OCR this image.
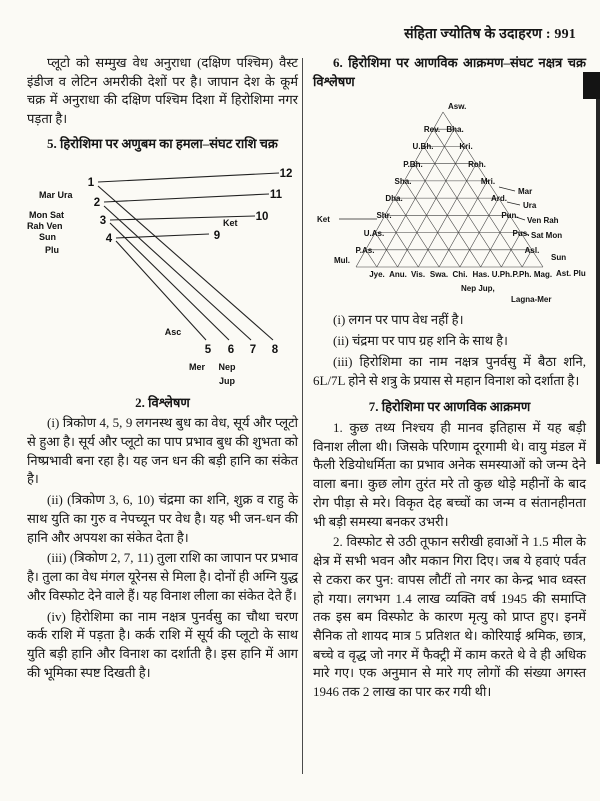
संहिता ज्योतिष के उदाहरण : 991

प्लूटो को सम्मुख वेध अनुराधा (दक्षिण पश्चिम) वैस्ट इंडीज व लेटिन अमरीकी देशों पर है। जापान देश के कूर्म चक्र में अनुराधा की दक्षिण पश्चिम दिशा में हिरोशिमा नगर पड़ता है।

5. हिरोशिमा पर अणुबम का हमला–संघट राशि चक्र

1
2
3
4
12
11
10
9
5 6 7 8
Mar Ura
Mon Sat
Rah Ven
Sun
Plu
Ket
Asc
Mer Nep
Jup

2. विश्लेषण

(i) त्रिकोण 4, 5, 9 लगनस्थ बुध का वेध, सूर्य और प्लूटो से हुआ है। सूर्य और प्लूटो का पाप प्रभाव बुध की शुभता को निष्प्रभावी बना रहा है। यह जन धन की बड़ी हानि का संकेत है।

(ii) (त्रिकोण 3, 6, 10) चंद्रमा का शनि, शुक्र व राहु के साथ युति का गुरु व नेपच्यून पर वेध है। यह भी जन-धन की हानि और अपयश का संकेत देता है।

(iii) (त्रिकोण 2, 7, 11) तुला राशि का जापान पर प्रभाव है। तुला का वेध मंगल यूरेनस से मिला है। दोनों ही अग्नि युद्ध और विस्फोट देने वाले हैं। यह विनाश लीला का संकेत देते हैं।

(iv) हिरोशिमा का नाम नक्षत्र पुनर्वसु का चौथा चरण कर्क राशि में पड़ता है। कर्क राशि में सूर्य की प्लूटो के साथ युति बड़ी हानि और विनाश का दर्शाती है। इस हानि में आग की भूमिका स्पष्ट दिखती है।

6. हिरोशिमा पर आणविक आक्रमण–संघट नक्षत्र चक्र विश्लेषण

Asw.
Rev.
U.Bh.
P.Bh.
Sha.
Dha.
Shr.
U.As.
P.As.
Bha.
Kri.
Roh.
Mri.
Ard.
Pun.
Pus.
Asl.
Mul.
Jye. Anu. Vis. Swa. Chi. Has. U.Ph. P.Ph. Mag.
Mar
Ura
Ven Rah
Sat Mon
Sun
Ast. Plu
Ket
Nep Jup,
Lagna-Mer

(i) लगन पर पाप वेध नहीं है।

(ii) चंद्रमा पर पाप ग्रह शनि के साथ है।

(iii) हिरोशिमा का नाम नक्षत्र पुनर्वसु में बैठा शनि, 6L/7L होने से शत्रु के प्रयास से महान विनाश को दर्शाता है।

7. हिरोशिमा पर आणविक आक्रमण

1. कुछ तथ्य निश्चय ही मानव इतिहास में यह बड़ी विनाश लीला थी। जिसके परिणाम दूरगामी थे। वायु मंडल में फैली रेडियोधर्मिता का प्रभाव अनेक समस्याओं को जन्म देने वाला बना। कुछ लोग तुरंत मरे तो कुछ थोड़े महीनों के बाद रोग पीड़ा से मरे। विकृत देह बच्चों का जन्म व संतानहीनता भी बड़ी समस्या बनकर उभरी।

2. विस्फोट से उठी तूफान सरीखी हवाओं ने 1.5 मील के क्षेत्र में सभी भवन और मकान गिरा दिए। जब ये हवाएं पर्वत से टकरा कर पुन: वापस लौटीं तो नगर का केन्द्र भाव ध्वस्त हो गया। लगभग 1.4 लाख व्यक्ति वर्ष 1945 की समाप्ति तक इस बम विस्फोट के कारण मृत्यु को प्राप्त हुए। इनमें सैनिक तो शायद मात्र 5 प्रतिशत थे। कोरियाई श्रमिक, छात्र, बच्चे व वृद्ध जो नगर में फैक्ट्री में काम करते थे वे ही अधिक मारे गए। एक अनुमान से मारे गए लोगों की संख्या अगस्त 1946 तक 2 लाख का पार कर गयी थी।
